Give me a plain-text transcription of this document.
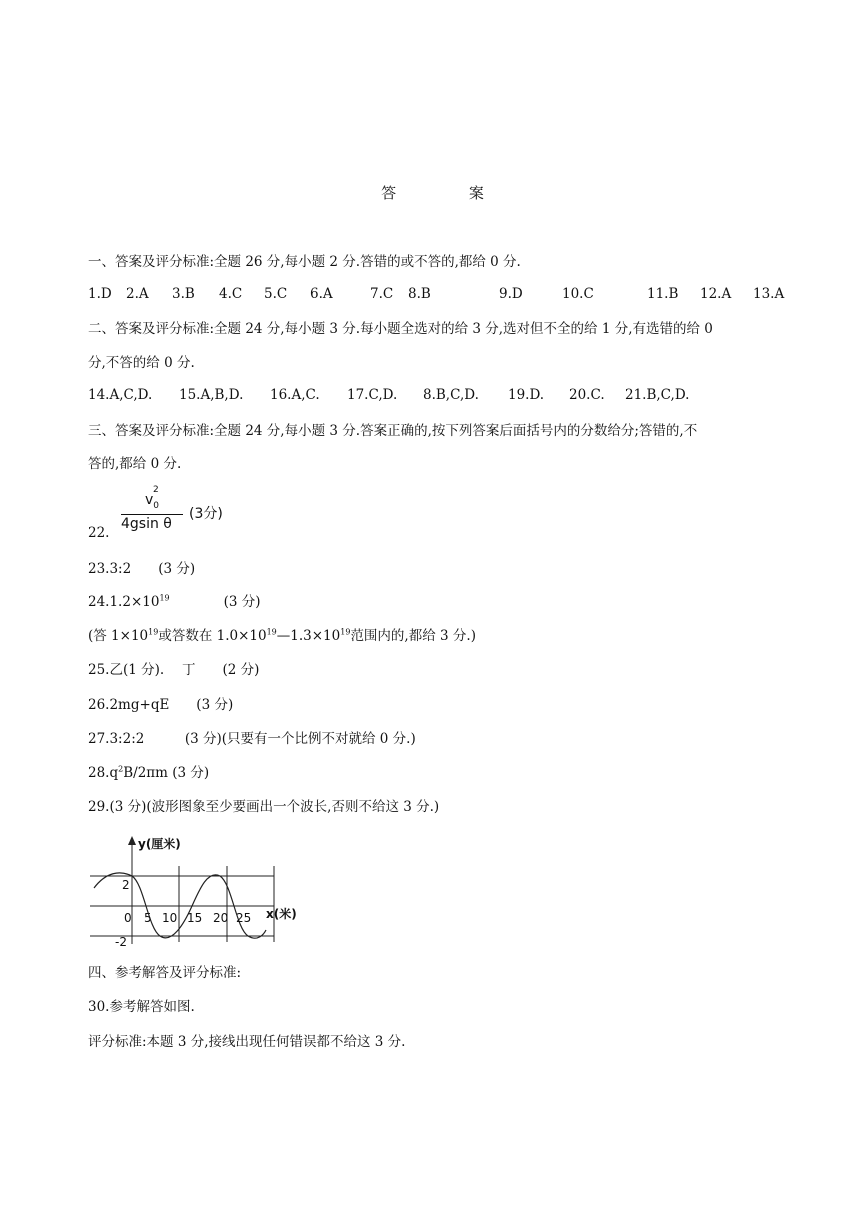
答	案
一、答案及评分标准:全题 26 分,每小题 2 分.答错的或不答的,都给 0 分.
1.D 2.A 3.B 4.C 5.C 6.A	7.C 8.B	9.D	10.C	11.B 12.A 13.A
二、答案及评分标准:全题 24 分,每小题 3 分.每小题全选对的给 3 分,选对但不全的给 1 分,有选错的给 0
分,不答的给 0 分.
14.A,C,D. 15.A,B,D. 16.A,C. 17.C,D. 8.B,C,D. 19.D. 20.C. 21.B,C,D.
三、答案及评分标准:全题 24 分,每小题 3 分.答案正确的,按下列答案后面括号内的分数给分;答错的,不
答的,都给 0 分.
22.
v
2
$_0$
4gsin θ
(3分)
23.3:2　　(3 分)
$24.1.2\times 10^{19}$　　　　(3 分)
(答 $1\times 10^{19}$或答数在 $1.0\times 10^{19}—1.3\times 10^{19}$范围内的,都给 3 分.)
25.乙(1 分).　 丁　　(2 分)
26.2mg+qE　　(3 分)
27.3:2:2　　　(3 分)(只要有一个比例不对就给 0 分.)
$28.q^2B/2\pi m$ (3 分)
29.(3 分)(波形图象至少要画出一个波长,否则不给这 3 分.)
y(厘米)
2
-2
0 5 10 15 20 25 x(米)
四、参考解答及评分标准:
30.参考解答如图.
评分标准:本题 3 分,接线出现任何错误都不给这 3 分.
